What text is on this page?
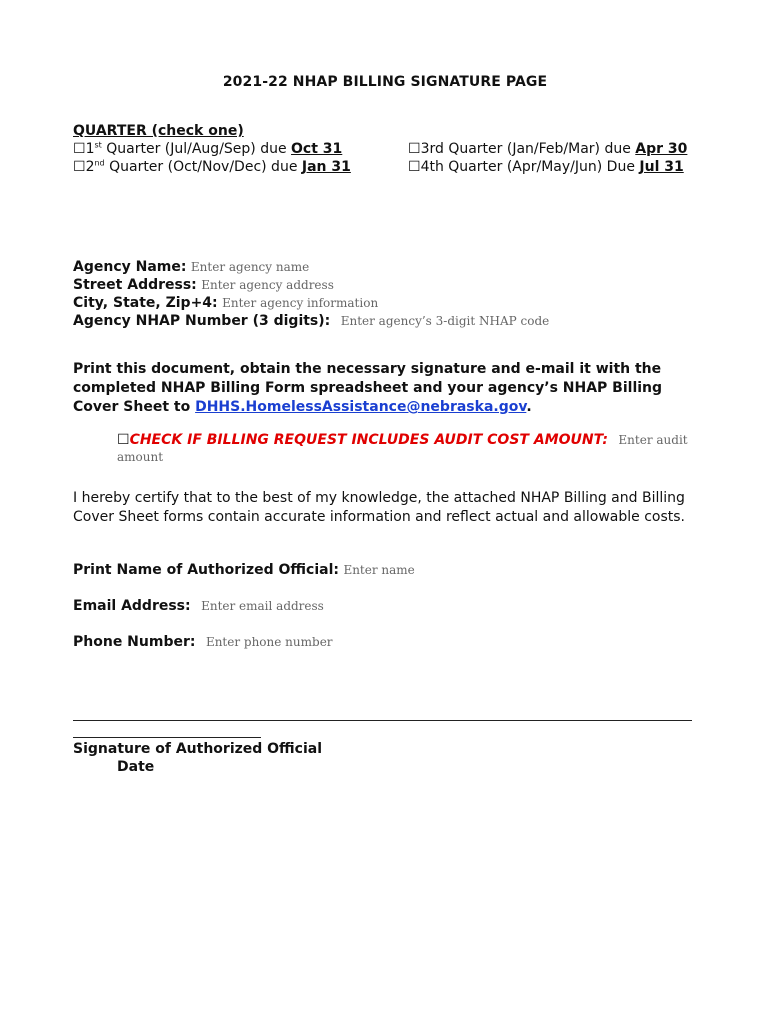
2021-22 NHAP BILLING SIGNATURE PAGE
QUARTER (check one)
☐1st Quarter (Jul/Aug/Sep) due Oct 31
☐2nd Quarter (Oct/Nov/Dec) due Jan 31
☐3rd Quarter (Jan/Feb/Mar) due Apr 30
☐4th Quarter (Apr/May/Jun) Due Jul 31
Agency Name: Enter agency name
Street Address: Enter agency address
City, State, Zip+4: Enter agency information
Agency NHAP Number (3 digits): Enter agency’s 3-digit NHAP code
Print this document, obtain the necessary signature and e-mail it with the completed NHAP Billing Form spreadsheet and your agency’s NHAP Billing Cover Sheet to DHHS.HomelessAssistance@nebraska.gov.
☐CHECK IF BILLING REQUEST INCLUDES AUDIT COST AMOUNT: Enter audit amount
I hereby certify that to the best of my knowledge, the attached NHAP Billing and Billing Cover Sheet forms contain accurate information and reflect actual and allowable costs.
Print Name of Authorized Official: Enter name
Email Address: Enter email address
Phone Number: Enter phone number
Signature of Authorized Official
Date
